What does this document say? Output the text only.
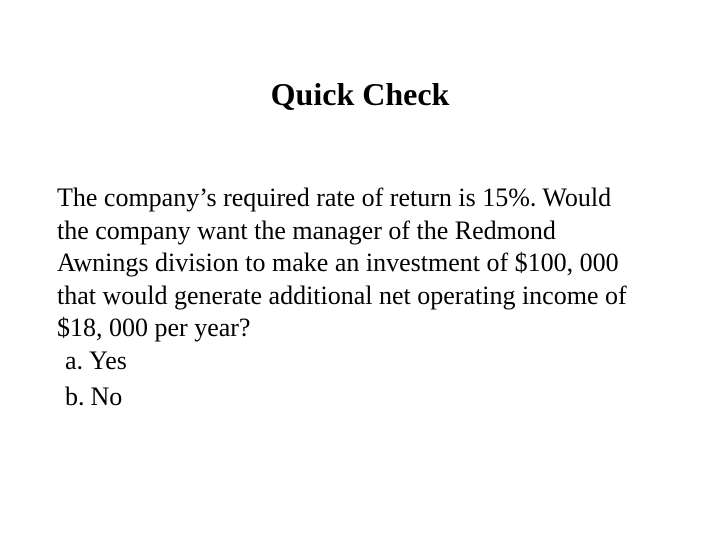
Quick Check
The company’s required rate of return is 15%. Would
the company want the manager of the Redmond
Awnings division to make an investment of $100, 000
that would generate additional net operating income of
$18, 000 per year?
a. Yes
b. No
